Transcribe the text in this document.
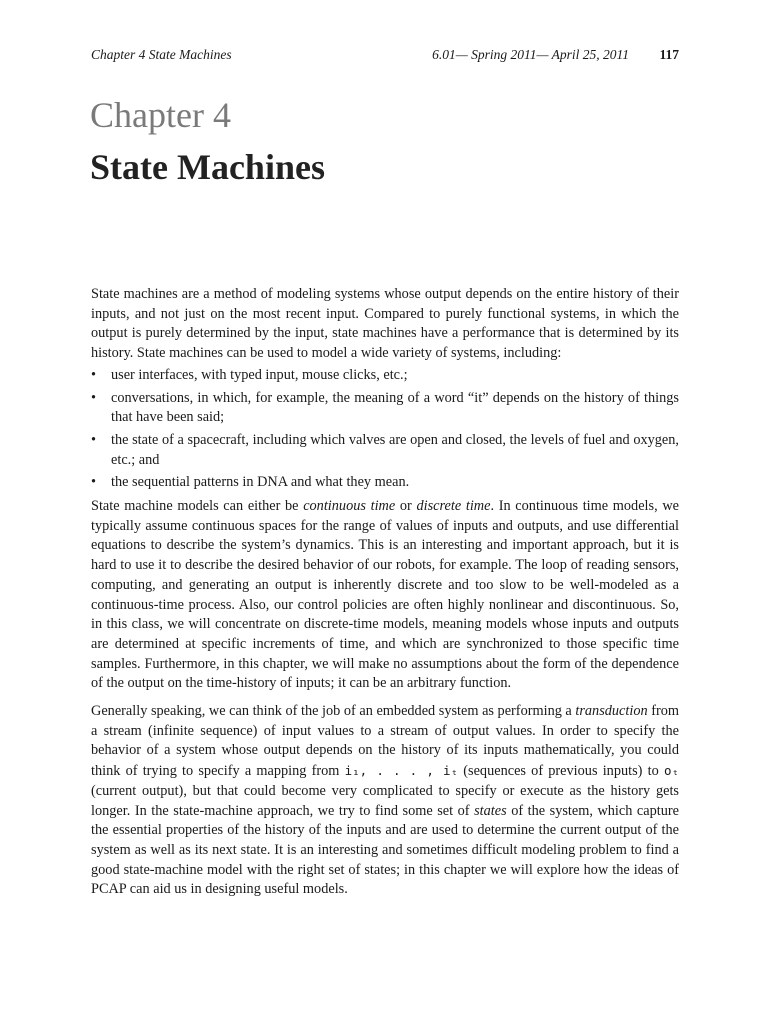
Chapter 4 State Machines	6.01— Spring 2011— April 25, 2011 117
Chapter 4
State Machines

State machines are a method of modeling systems whose output depends on the entire history of their inputs, and not just on the most recent input. Compared to purely functional systems, in which the output is purely determined by the input, state machines have a performance that is determined by its history. State machines can be used to model a wide variety of systems, including:

• user interfaces, with typed input, mouse clicks, etc.;
• conversations, in which, for example, the meaning of a word “it” depends on the history of things that have been said;
• the state of a spacecraft, including which valves are open and closed, the levels of fuel and oxygen, etc.; and
• the sequential patterns in DNA and what they mean.

State machine models can either be continuous time or discrete time. In continuous time models, we typically assume continuous spaces for the range of values of inputs and outputs, and use differential equations to describe the system’s dynamics. This is an interesting and important approach, but it is hard to use it to describe the desired behavior of our robots, for example. The loop of reading sensors, computing, and generating an output is inherently discrete and too slow to be well-modeled as a continuous-time process. Also, our control policies are often highly nonlinear and discontinuous. So, in this class, we will concentrate on discrete-time models, meaning models whose inputs and outputs are determined at specific increments of time, and which are synchronized to those specific time samples. Furthermore, in this chapter, we will make no assumptions about the form of the dependence of the output on the time-history of inputs; it can be an arbitrary function.

Generally speaking, we can think of the job of an embedded system as performing a transduction from a stream (infinite sequence) of input values to a stream of output values. In order to specify the behavior of a system whose output depends on the history of its inputs mathematically, you could think of trying to specify a mapping from i₁, . . . , iₜ (sequences of previous inputs) to oₜ (current output), but that could become very complicated to specify or execute as the history gets longer. In the state-machine approach, we try to find some set of states of the system, which capture the essential properties of the history of the inputs and are used to determine the current output of the system as well as its next state. It is an interesting and sometimes difficult modeling problem to find a good state-machine model with the right set of states; in this chapter we will explore how the ideas of PCAP can aid us in designing useful models.
